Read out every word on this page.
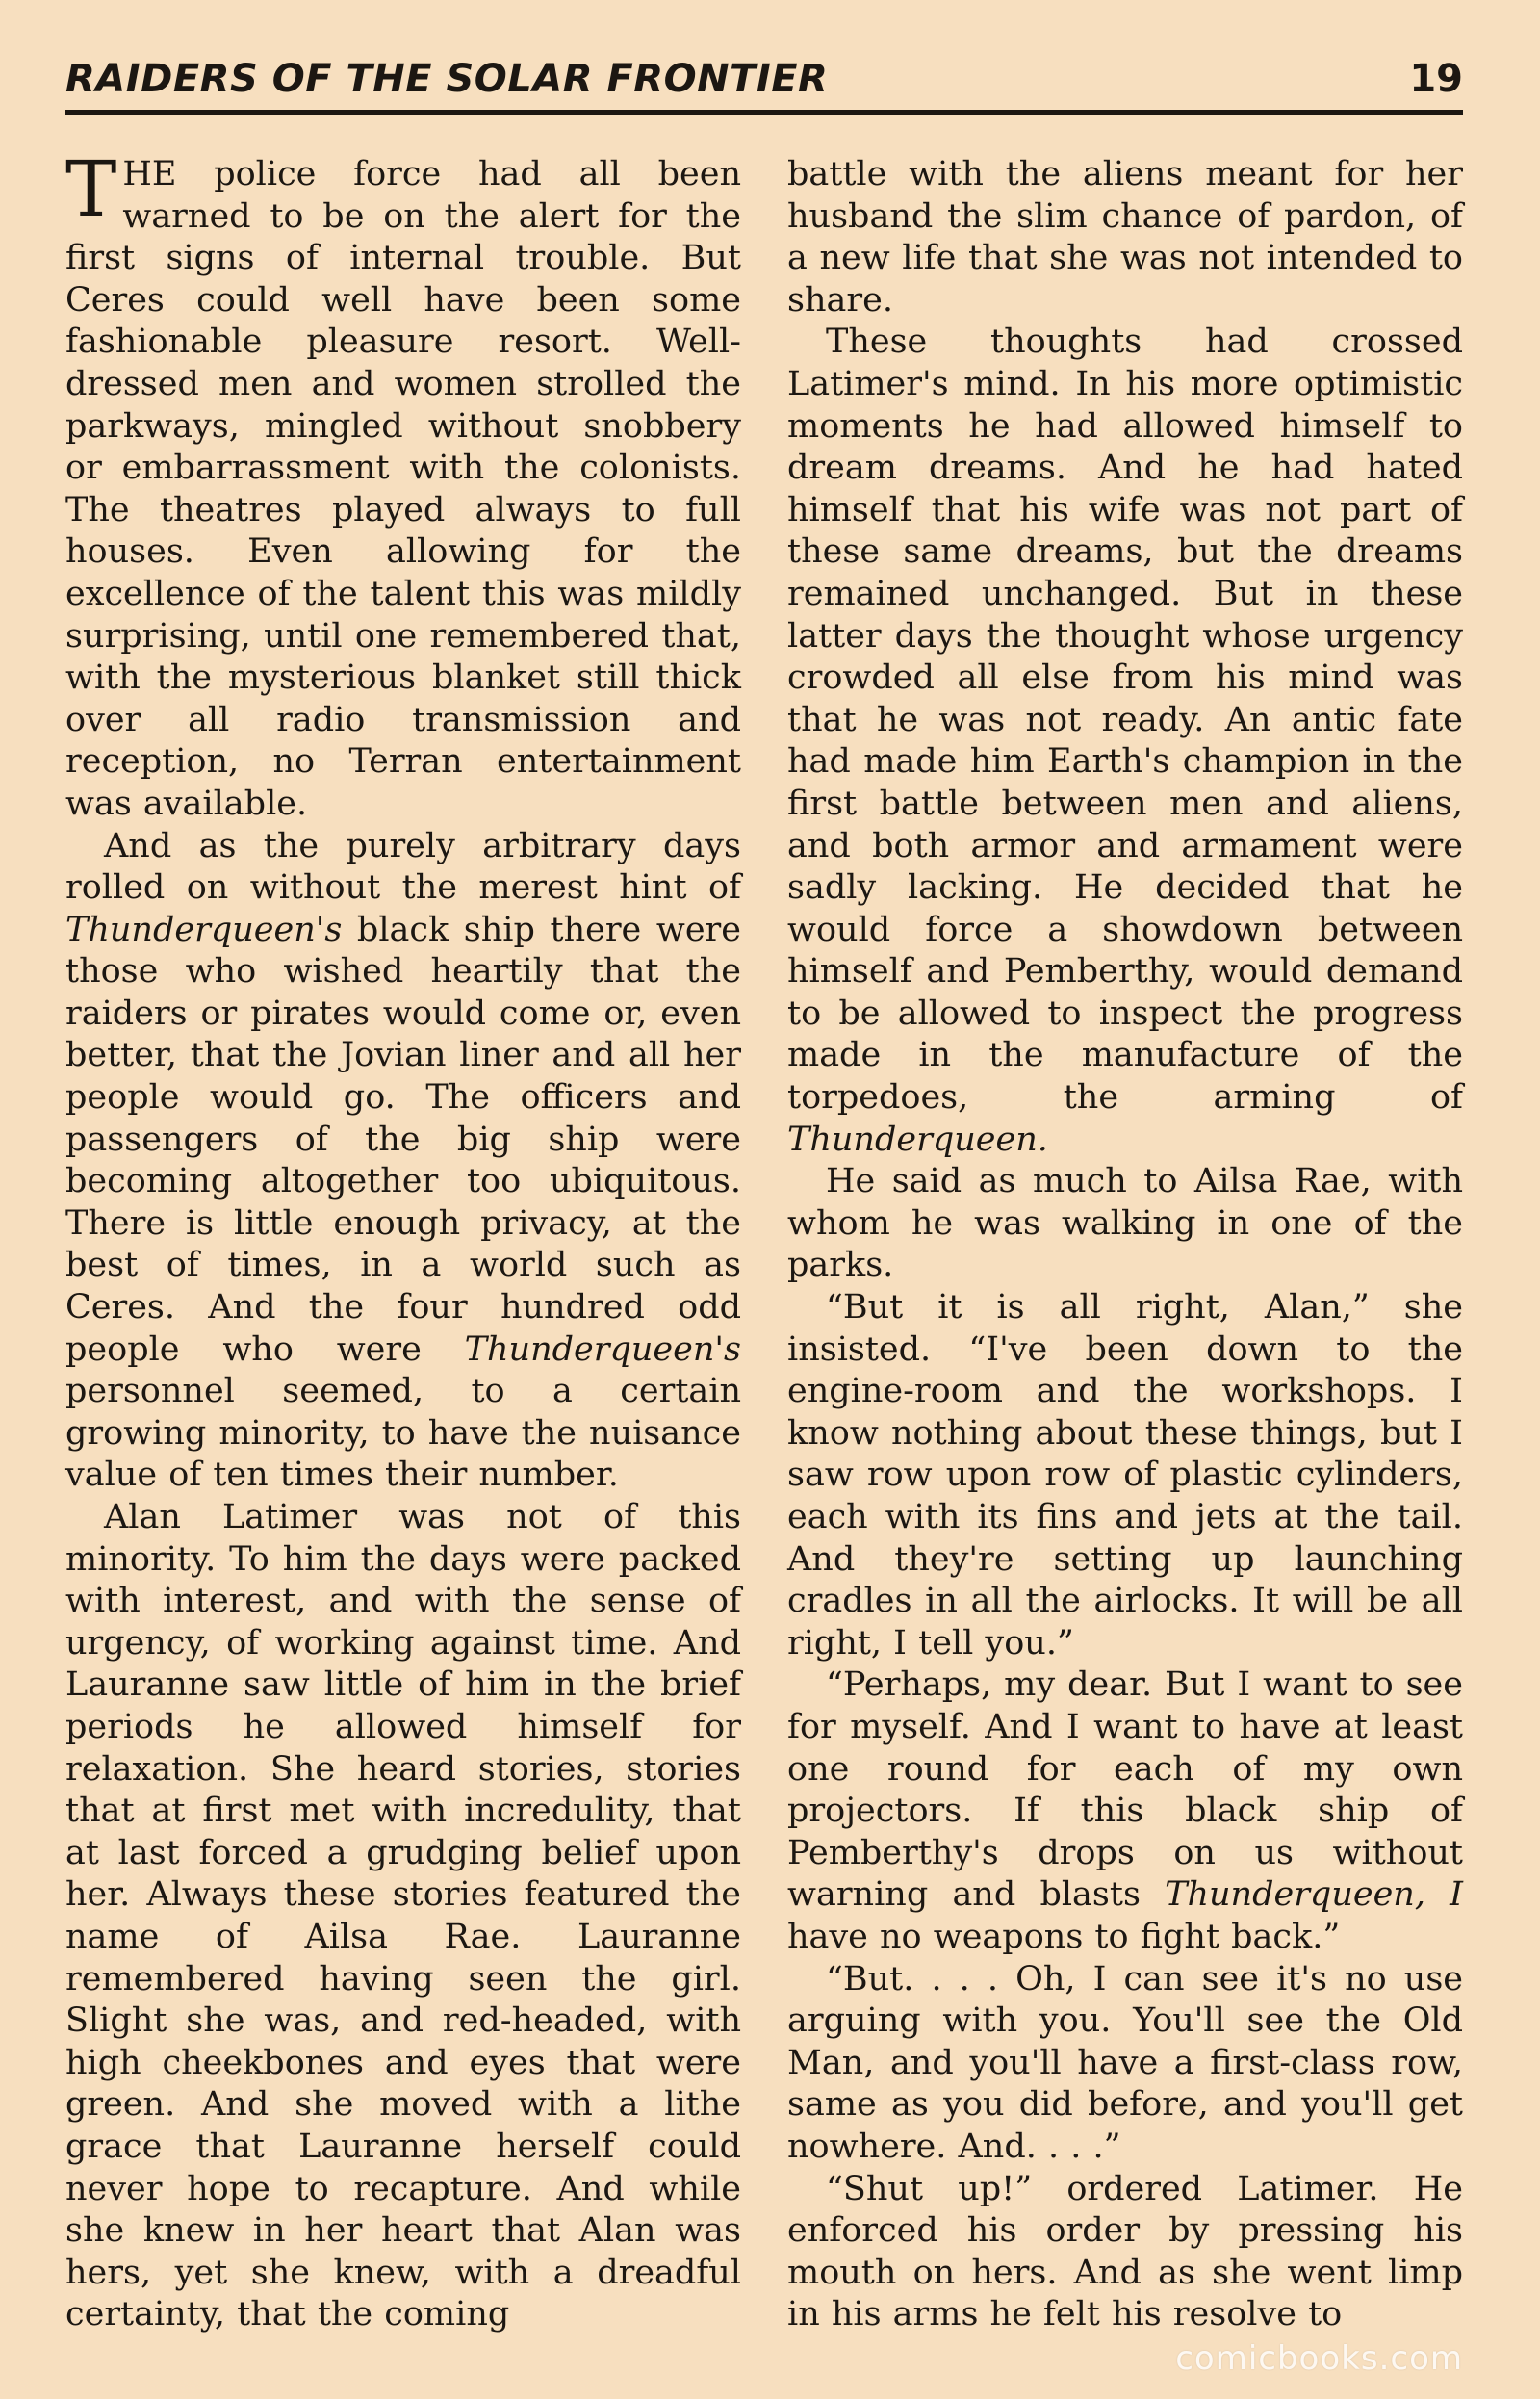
RAIDERS OF THE SOLAR FRONTIER	19

THE police force had all been warned to be on the alert for the first signs of internal trouble. But Ceres could well have been some fashionable pleasure resort. Well-dressed men and women strolled the parkways, mingled without snobbery or embarrassment with the colonists. The theatres played always to full houses. Even allowing for the excellence of the talent this was mildly surprising, until one remembered that, with the mysterious blanket still thick over all radio transmission and reception, no Terran entertainment was available.

And as the purely arbitrary days rolled on without the merest hint of Thunderqueen's black ship there were those who wished heartily that the raiders or pirates would come or, even better, that the Jovian liner and all her people would go. The officers and passengers of the big ship were becoming altogether too ubiquitous. There is little enough privacy, at the best of times, in a world such as Ceres. And the four hundred odd people who were Thunderqueen's personnel seemed, to a certain growing minority, to have the nuisance value of ten times their number.

Alan Latimer was not of this minority. To him the days were packed with interest, and with the sense of urgency, of working against time. And Lauranne saw little of him in the brief periods he allowed himself for relaxation. She heard stories, stories that at first met with incredulity, that at last forced a grudging belief upon her. Always these stories featured the name of Ailsa Rae. Lauranne remembered having seen the girl. Slight she was, and red-headed, with high cheekbones and eyes that were green. And she moved with a lithe grace that Lauranne herself could never hope to recapture. And while she knew in her heart that Alan was hers, yet she knew, with a dreadful certainty, that the coming

battle with the aliens meant for her husband the slim chance of pardon, of a new life that she was not intended to share.

These thoughts had crossed Latimer's mind. In his more optimistic moments he had allowed himself to dream dreams. And he had hated himself that his wife was not part of these same dreams, but the dreams remained unchanged. But in these latter days the thought whose urgency crowded all else from his mind was that he was not ready. An antic fate had made him Earth's champion in the first battle between men and aliens, and both armor and armament were sadly lacking. He decided that he would force a showdown between himself and Pemberthy, would demand to be allowed to inspect the progress made in the manufacture of the torpedoes, the arming of Thunderqueen.

He said as much to Ailsa Rae, with whom he was walking in one of the parks.

“But it is all right, Alan,” she insisted. “I've been down to the engine-room and the workshops. I know nothing about these things, but I saw row upon row of plastic cylinders, each with its fins and jets at the tail. And they're setting up launching cradles in all the airlocks. It will be all right, I tell you.”

“Perhaps, my dear. But I want to see for myself. And I want to have at least one round for each of my own projectors. If this black ship of Pemberthy's drops on us without warning and blasts Thunderqueen, I have no weapons to fight back.”

“But. . . . Oh, I can see it's no use arguing with you. You'll see the Old Man, and you'll have a first-class row, same as you did before, and you'll get nowhere. And. . . .”

“Shut up!” ordered Latimer. He enforced his order by pressing his mouth on hers. And as she went limp in his arms he felt his resolve to

comicbooks.com
